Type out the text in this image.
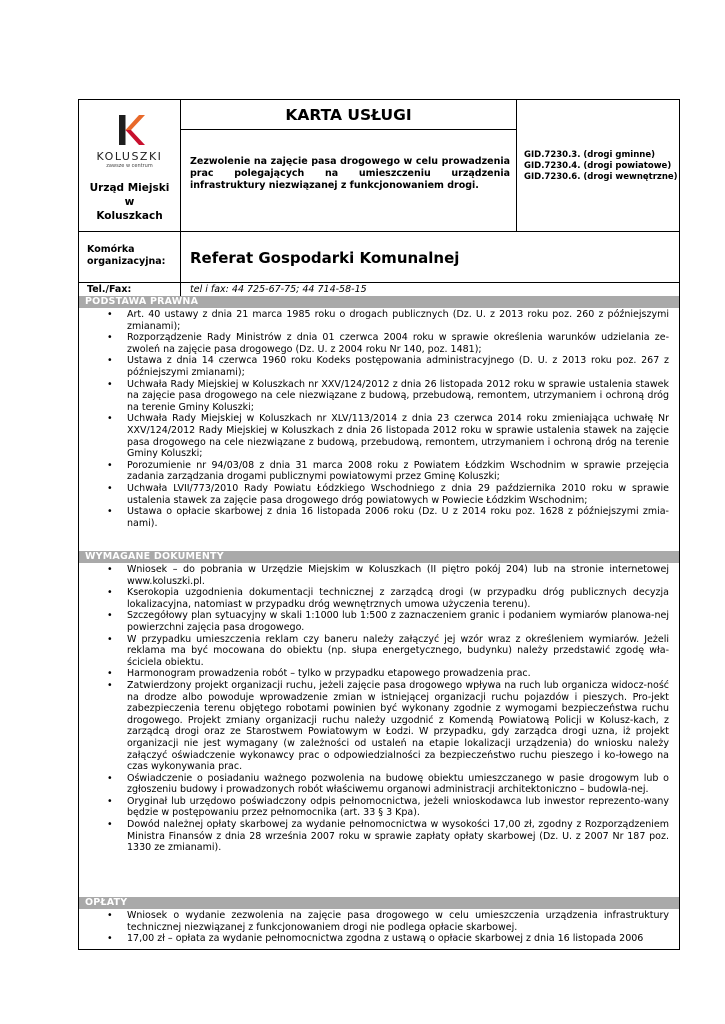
KOLUSZKI
zawsze w centrum
Urząd Miejski
w
Koluszkach
KARTA USŁUGI
Zezwolenie na zajęcie pasa drogowego w celu prowadzenia prac polegających na umieszczeniu urządzenia infrastruktury niezwiązanej z funkcjonowaniem drogi.
GID.7230.3. (drogi gminne)
GID.7230.4. (drogi powiatowe)
GID.7230.6. (drogi wewnętrzne)
Komórka organizacyjna:	Referat Gospodarki Komunalnej
Tel./Fax:	tel i fax: 44 725-67-75; 44 714-58-15
PODSTAWA PRAWNA
• Art. 40 ustawy z dnia 21 marca 1985 roku o drogach publicznych (Dz. U. z 2013 roku poz. 260 z późniejszymi zmianami);
• Rozporządzenie Rady Ministrów z dnia 01 czerwca 2004 roku w sprawie określenia warunków udzielania ze-zwoleń na zajęcie pasa drogowego (Dz. U. z 2004 roku Nr 140, poz. 1481);
• Ustawa z dnia 14 czerwca 1960 roku Kodeks postępowania administracyjnego (D. U. z 2013 roku poz. 267 z późniejszymi zmianami);
• Uchwała Rady Miejskiej w Koluszkach nr XXV/124/2012 z dnia 26 listopada 2012 roku w sprawie ustalenia stawek na zajęcie pasa drogowego na cele niezwiązane z budową, przebudową, remontem, utrzymaniem i ochroną dróg na terenie Gminy Koluszki;
• Uchwała Rady Miejskiej w Koluszkach nr XLV/113/2014 z dnia 23 czerwca 2014 roku zmieniająca uchwałę Nr XXV/124/2012 Rady Miejskiej w Koluszkach z dnia 26 listopada 2012 roku w sprawie ustalenia stawek na zajęcie pasa drogowego na cele niezwiązane z budową, przebudową, remontem, utrzymaniem i ochroną dróg na terenie Gminy Koluszki;
• Porozumienie nr 94/03/08 z dnia 31 marca 2008 roku z Powiatem Łódzkim Wschodnim w sprawie przejęcia zadania zarządzania drogami publicznymi powiatowymi przez Gminę Koluszki;
• Uchwała LVII/773/2010 Rady Powiatu Łódzkiego Wschodniego z dnia 29 października 2010 roku w sprawie ustalenia stawek za zajęcie pasa drogowego dróg powiatowych w Powiecie Łódzkim Wschodnim;
• Ustawa o opłacie skarbowej z dnia 16 listopada 2006 roku (Dz. U z 2014 roku poz. 1628 z późniejszymi zmia-nami).
WYMAGANE DOKUMENTY
• Wniosek – do pobrania w Urzędzie Miejskim w Koluszkach (II piętro pokój 204) lub na stronie internetowej www.koluszki.pl.
• Kserokopia uzgodnienia dokumentacji technicznej z zarządcą drogi (w przypadku dróg publicznych decyzja lokalizacyjna, natomiast w przypadku dróg wewnętrznych umowa użyczenia terenu).
• Szczegółowy plan sytuacyjny w skali 1:1000 lub 1:500 z zaznaczeniem granic i podaniem wymiarów planowa-nej powierzchni zajęcia pasa drogowego.
• W przypadku umieszczenia reklam czy baneru należy załączyć jej wzór wraz z określeniem wymiarów. Jeżeli reklama ma być mocowana do obiektu (np. słupa energetycznego, budynku) należy przedstawić zgodę wła-ściciela obiektu.
• Harmonogram prowadzenia robót – tylko w przypadku etapowego prowadzenia prac.
• Zatwierdzony projekt organizacji ruchu, jeżeli zajęcie pasa drogowego wpływa na ruch lub organicza widocz-ność na drodze albo powoduje wprowadzenie zmian w istniejącej organizacji ruchu pojazdów i pieszych. Pro-jekt zabezpieczenia terenu objętego robotami powinien być wykonany zgodnie z wymogami bezpieczeństwa ruchu drogowego. Projekt zmiany organizacji ruchu należy uzgodnić z Komendą Powiatową Policji w Kolusz-kach, z zarządcą drogi oraz ze Starostwem Powiatowym w Łodzi. W przypadku, gdy zarządca drogi uzna, iż projekt organizacji nie jest wymagany (w zależności od ustaleń na etapie lokalizacji urządzenia) do wniosku należy załączyć oświadczenie wykonawcy prac o odpowiedzialności za bezpieczeństwo ruchu pieszego i ko-łowego na czas wykonywania prac.
• Oświadczenie o posiadaniu ważnego pozwolenia na budowę obiektu umieszczanego w pasie drogowym lub o zgłoszeniu budowy i prowadzonych robót właściwemu organowi administracji architektoniczno – budowla-nej.
• Oryginał lub urzędowo poświadczony odpis pełnomocnictwa, jeżeli wnioskodawca lub inwestor reprezento-wany będzie w postępowaniu przez pełnomocnika (art. 33 § 3 Kpa).
• Dowód należnej opłaty skarbowej za wydanie pełnomocnictwa w wysokości 17,00 zł, zgodny z Rozporządzeniem Ministra Finansów z dnia 28 września 2007 roku w sprawie zapłaty opłaty skarbowej (Dz. U. z 2007 Nr 187 poz. 1330 ze zmianami).
OPŁATY
• Wniosek o wydanie zezwolenia na zajęcie pasa drogowego w celu umieszczenia urządzenia infrastruktury technicznej niezwiązanej z funkcjonowaniem drogi nie podlega opłacie skarbowej.
• 17,00 zł – opłata za wydanie pełnomocnictwa zgodna z ustawą o opłacie skarbowej z dnia 16 listopada 2006
